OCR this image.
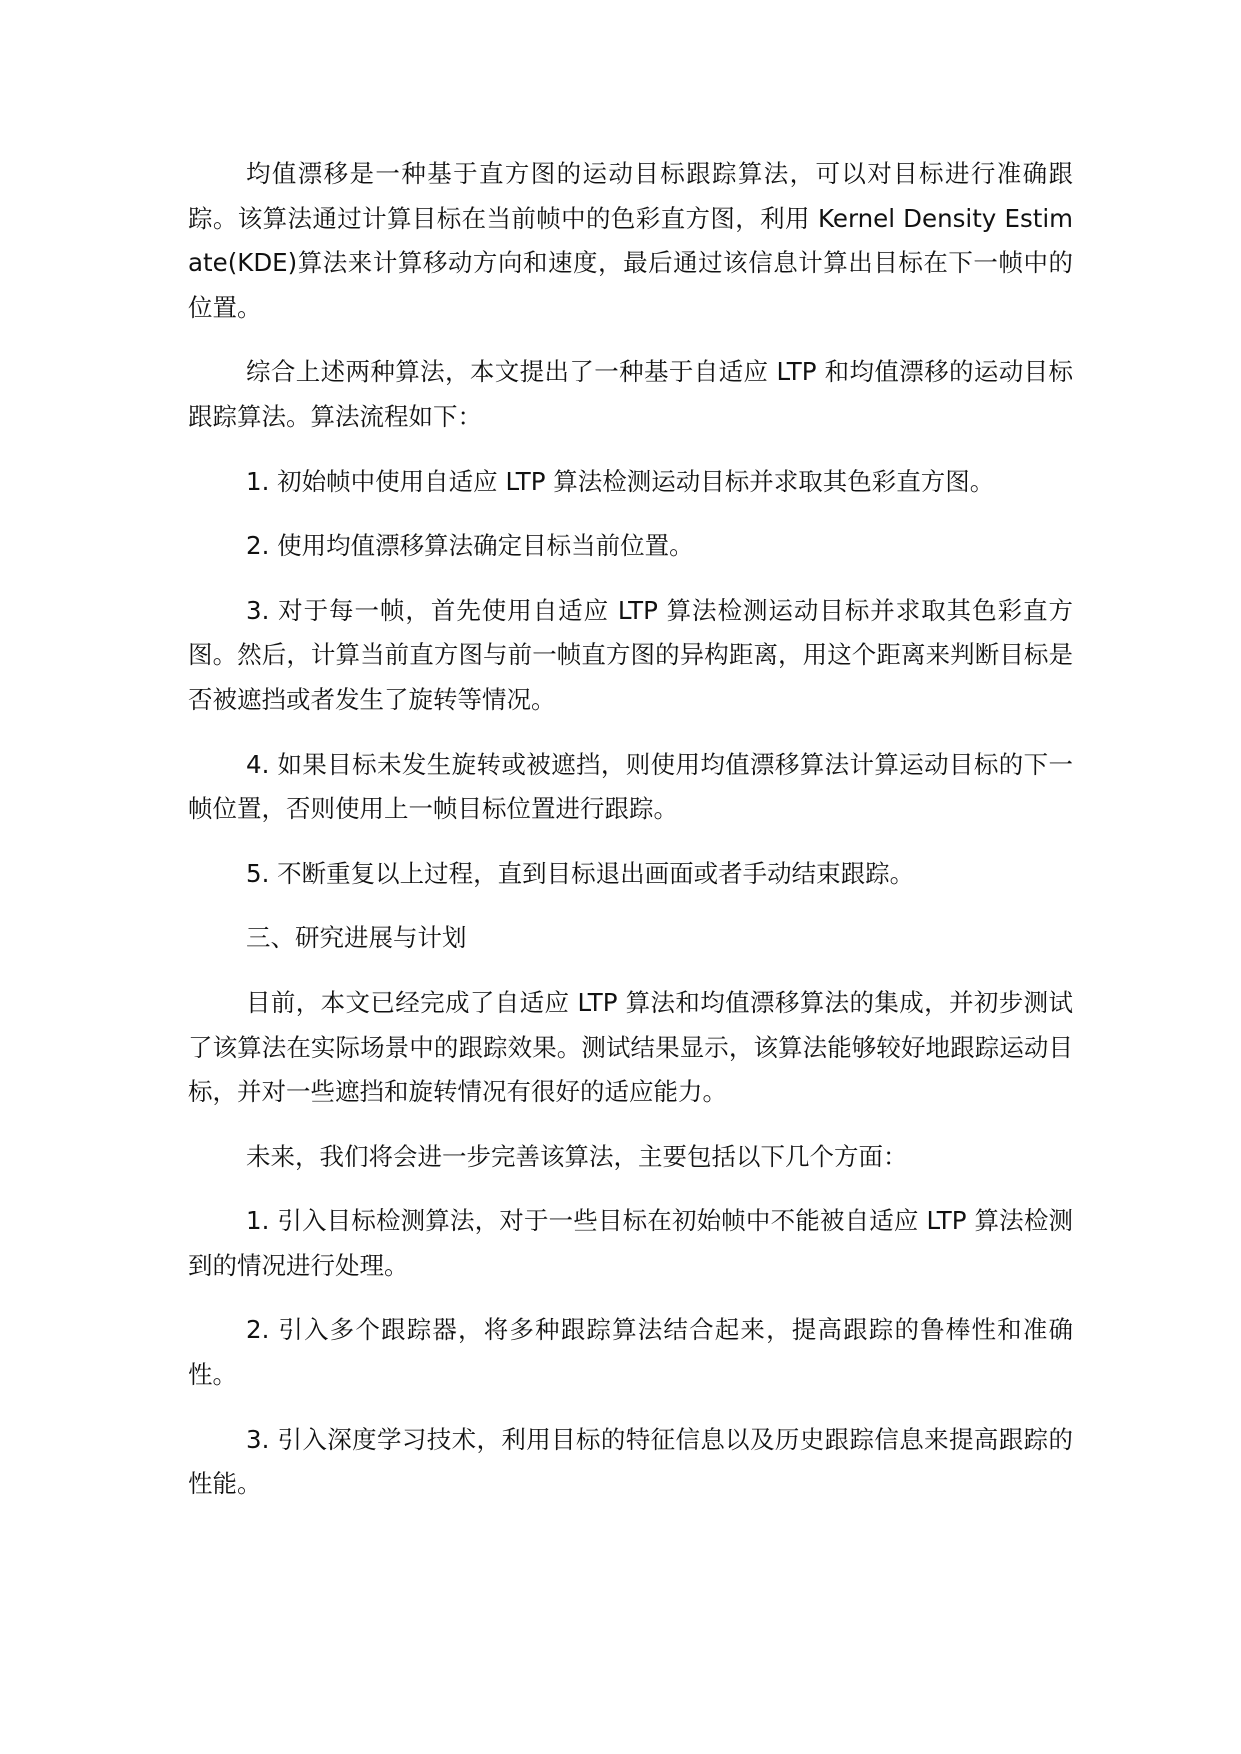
均值漂移是一种基于直方图的运动目标跟踪算法，可以对目标进行准确跟踪。该算法通过计算目标在当前帧中的色彩直方图，利用 Kernel Density Estimate(KDE)算法来计算移动方向和速度，最后通过该信息计算出目标在下一帧中的位置。

综合上述两种算法，本文提出了一种基于自适应 LTP 和均值漂移的运动目标跟踪算法。算法流程如下：

1. 初始帧中使用自适应 LTP 算法检测运动目标并求取其色彩直方图。

2. 使用均值漂移算法确定目标当前位置。

3. 对于每一帧，首先使用自适应 LTP 算法检测运动目标并求取其色彩直方图。然后，计算当前直方图与前一帧直方图的异构距离，用这个距离来判断目标是否被遮挡或者发生了旋转等情况。

4. 如果目标未发生旋转或被遮挡，则使用均值漂移算法计算运动目标的下一帧位置，否则使用上一帧目标位置进行跟踪。

5. 不断重复以上过程，直到目标退出画面或者手动结束跟踪。

三、研究进展与计划

目前，本文已经完成了自适应 LTP 算法和均值漂移算法的集成，并初步测试了该算法在实际场景中的跟踪效果。测试结果显示，该算法能够较好地跟踪运动目标，并对一些遮挡和旋转情况有很好的适应能力。

未来，我们将会进一步完善该算法，主要包括以下几个方面：

1. 引入目标检测算法，对于一些目标在初始帧中不能被自适应 LTP 算法检测到的情况进行处理。

2. 引入多个跟踪器，将多种跟踪算法结合起来，提高跟踪的鲁棒性和准确性。

3. 引入深度学习技术，利用目标的特征信息以及历史跟踪信息来提高跟踪的性能。
